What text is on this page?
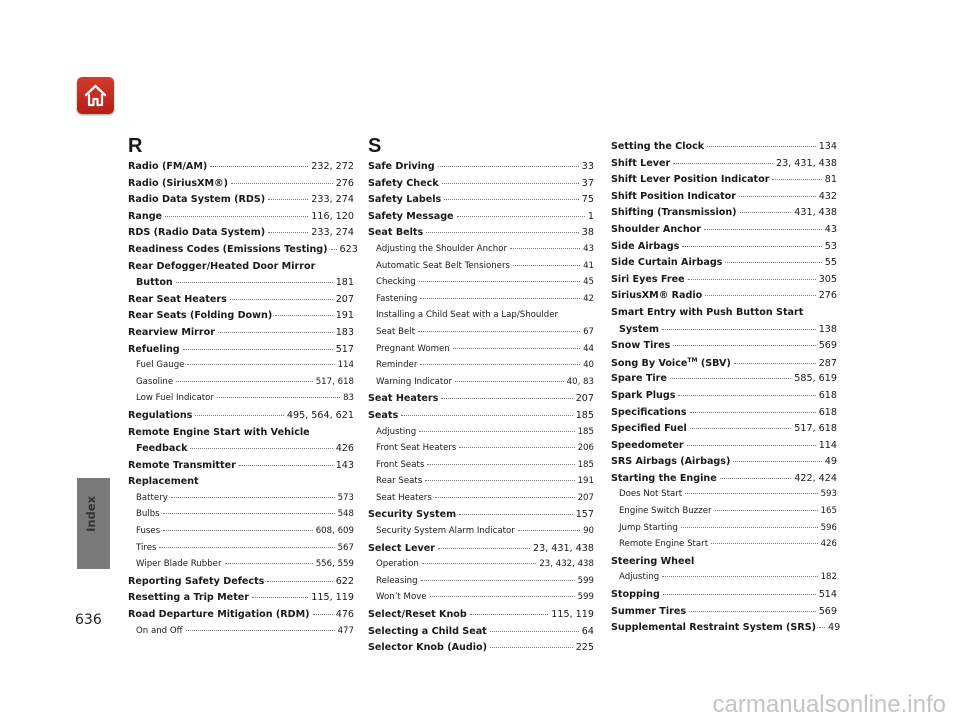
Index
R
Radio (FM/AM)	232, 272
Radio (SiriusXM®)	276
Radio Data System (RDS)	233, 274
Range	116, 120
RDS (Radio Data System)	233, 274
Readiness Codes (Emissions Testing) 623
Rear Defogger/Heated Door Mirror
Button	181
Rear Seat Heaters	207
Rear Seats (Folding Down)	191
Rearview Mirror	183
Refueling	517
Fuel Gauge	114
Gasoline	517, 618
Low Fuel Indicator	83
Regulations	495, 564, 621
Remote Engine Start with Vehicle
Feedback	426
Remote Transmitter	143
Replacement
Battery	573
Bulbs	548
Fuses	608, 609
Tires	567
Wiper Blade Rubber	556, 559
Reporting Safety Defects	622
Resetting a Trip Meter	115, 119
Road Departure Mitigation (RDM)	476
On and Off	477
S
Safe Driving	33
Safety Check	37
Safety Labels	75
Safety Message	1
Seat Belts	38
Adjusting the Shoulder Anchor	43
Automatic Seat Belt Tensioners	41
Checking	45
Fastening	42
Installing a Child Seat with a Lap/Shoulder
Seat Belt	67
Pregnant Women	44
Reminder	40
Warning Indicator	40, 83
Seat Heaters	207
Seats	185
Adjusting	185
Front Seat Heaters	206
Front Seats	185
Rear Seats	191
Seat Heaters	207
Security System	157
Security System Alarm Indicator	90
Select Lever	23, 431, 438
Operation	23, 432, 438
Releasing	599
Won’t Move	599
Select/Reset Knob	115, 119
Selecting a Child Seat	64
Selector Knob (Audio)	225
Setting the Clock	134
Shift Lever	23, 431, 438
Shift Lever Position Indicator	81
Shift Position Indicator	432
Shifting (Transmission)	431, 438
Shoulder Anchor	43
Side Airbags	53
Side Curtain Airbags	55
Siri Eyes Free	305
SiriusXM® Radio	276
Smart Entry with Push Button Start
System	138
Snow Tires	569
Song By Voice™ (SBV)	287
Spare Tire	585, 619
Spark Plugs	618
Specifications	618
Specified Fuel	517, 618
Speedometer	114
SRS Airbags (Airbags)	49
Starting the Engine	422, 424
Does Not Start	593
Engine Switch Buzzer	165
Jump Starting	596
Remote Engine Start	426
Steering Wheel
Adjusting	182
Stopping	514
Summer Tires	569
Supplemental Restraint System (SRS) 49
636
carmanualsonline.info
